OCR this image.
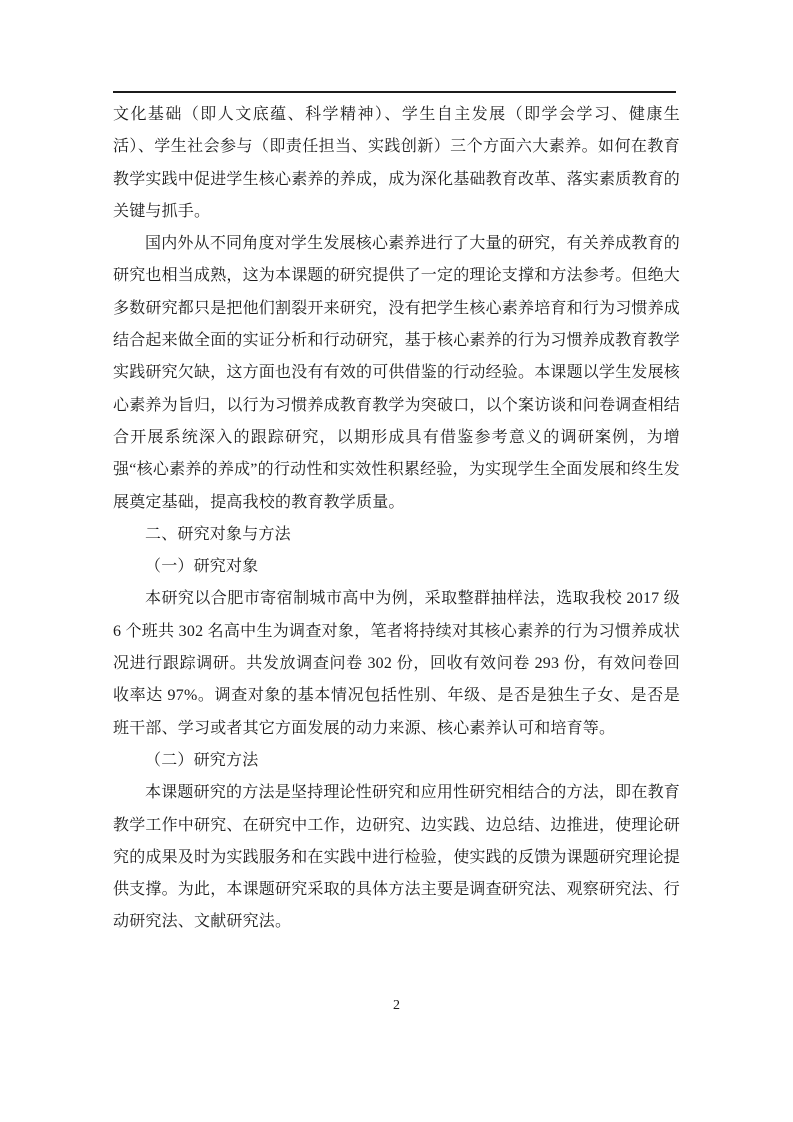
文化基础（即人文底蕴、科学精神）、学生自主发展（即学会学习、健康生活）、学生社会参与（即责任担当、实践创新）三个方面六大素养。如何在教育教学实践中促进学生核心素养的养成，成为深化基础教育改革、落实素质教育的关键与抓手。

国内外从不同角度对学生发展核心素养进行了大量的研究，有关养成教育的研究也相当成熟，这为本课题的研究提供了一定的理论支撑和方法参考。但绝大多数研究都只是把他们割裂开来研究，没有把学生核心素养培育和行为习惯养成结合起来做全面的实证分析和行动研究，基于核心素养的行为习惯养成教育教学实践研究欠缺，这方面也没有有效的可供借鉴的行动经验。本课题以学生发展核心素养为旨归，以行为习惯养成教育教学为突破口，以个案访谈和问卷调查相结合开展系统深入的跟踪研究，以期形成具有借鉴参考意义的调研案例，为增强“核心素养的养成”的行动性和实效性积累经验，为实现学生全面发展和终生发展奠定基础，提高我校的教育教学质量。

二、研究对象与方法
（一）研究对象

本研究以合肥市寄宿制城市高中为例，采取整群抽样法，选取我校 2017 级 6 个班共 302 名高中生为调查对象，笔者将持续对其核心素养的行为习惯养成状况进行跟踪调研。共发放调查问卷 302 份，回收有效问卷 293 份，有效问卷回收率达 97%。调查对象的基本情况包括性别、年级、是否是独生子女、是否是班干部、学习或者其它方面发展的动力来源、核心素养认可和培育等。

（二）研究方法

本课题研究的方法是坚持理论性研究和应用性研究相结合的方法，即在教育教学工作中研究、在研究中工作，边研究、边实践、边总结、边推进，使理论研究的成果及时为实践服务和在实践中进行检验，使实践的反馈为课题研究理论提供支撑。为此，本课题研究采取的具体方法主要是调查研究法、观察研究法、行动研究法、文献研究法。

2
